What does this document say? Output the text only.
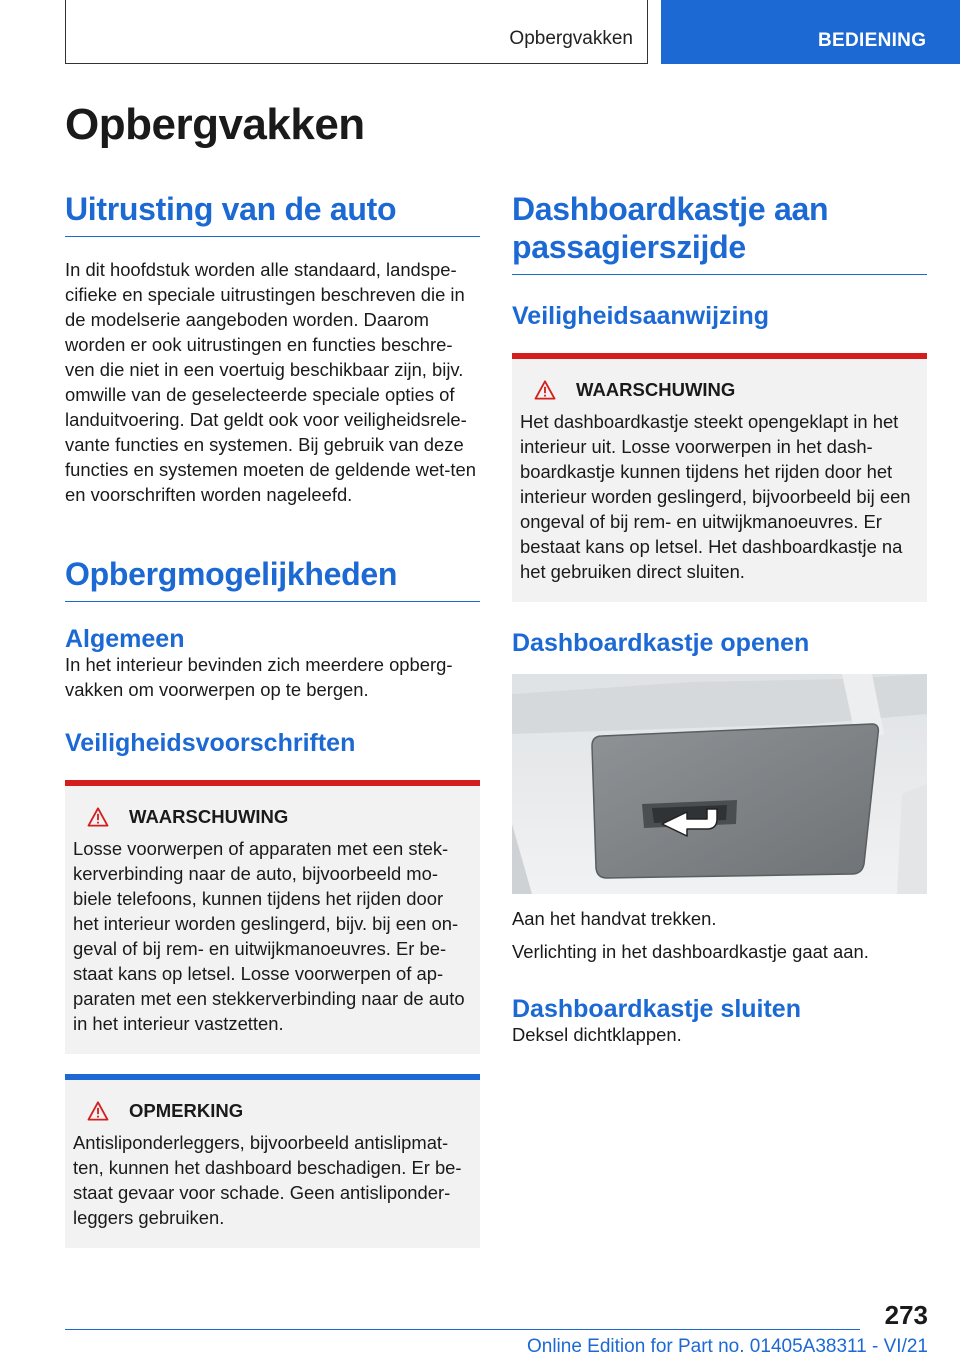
Opbergvakken	BEDIENING
Opbergvakken
Uitrusting van de auto

In dit hoofdstuk worden alle standaard, landspe-cifieke en speciale uitrustingen beschreven die in de modelserie aangeboden worden. Daarom worden er ook uitrustingen en functies beschre-ven die niet in een voertuig beschikbaar zijn, bijv. omwille van de geselecteerde speciale opties of landuitvoering. Dat geldt ook voor veiligheidsrele-vante functies en systemen. Bij gebruik van deze functies en systemen moeten de geldende wet-ten en voorschriften worden nageleefd.

Opbergmogelijkheden
Algemeen

In het interieur bevinden zich meerdere opberg-vakken om voorwerpen op te bergen.

Veiligheidsvoorschriften
WAARSCHUWING

Losse voorwerpen of apparaten met een stek-kerverbinding naar de auto, bijvoorbeeld mo-biele telefoons, kunnen tijdens het rijden door het interieur worden geslingerd, bijv. bij een on-geval of bij rem- en uitwijkmanoeuvres. Er be-staat kans op letsel. Losse voorwerpen of ap-paraten met een stekkerverbinding naar de auto in het interieur vastzetten.

OPMERKING

Antisliponderleggers, bijvoorbeeld antislipmat-ten, kunnen het dashboard beschadigen. Er be-staat gevaar voor schade. Geen antisliponder-leggers gebruiken.

Dashboardkastje aan passagierszijde
Veiligheidsaanwijzing
WAARSCHUWING

Het dashboardkastje steekt opengeklapt in het interieur uit. Losse voorwerpen in het dash-boardkastje kunnen tijdens het rijden door het interieur worden geslingerd, bijvoorbeeld bij een ongeval of bij rem- en uitwijkmanoeuvres. Er bestaat kans op letsel. Het dashboardkastje na het gebruiken direct sluiten.

Dashboardkastje openen

Aan het handvat trekken.

Verlichting in het dashboardkastje gaat aan.

Dashboardkastje sluiten

Deksel dichtklappen.

273
Online Edition for Part no. 01405A38311 - VI/21
